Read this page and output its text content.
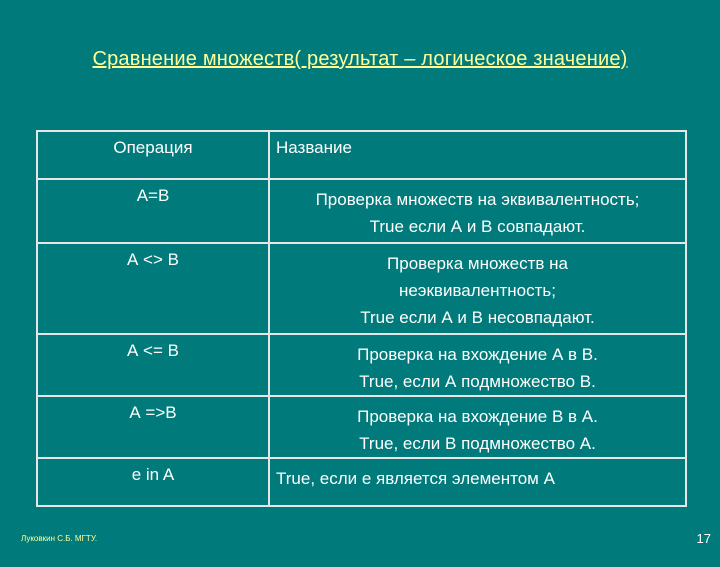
Сравнение множеств( результат – логическое значение)
Операция	Название
А=В	Проверка множеств на эквивалентность;
True если А и В совпадают.

А <> В	Проверка множеств на
неэквивалентность;
True если А и В несовпадают.

А <= В	Проверка на вхождение А в В.
True, если А подмножество В.

А =>В	Проверка на вхождение В в А.
True, если В подмножество А.

e in A	True, если е является элементом А
Луковкин С.Б. МГТУ.	17
